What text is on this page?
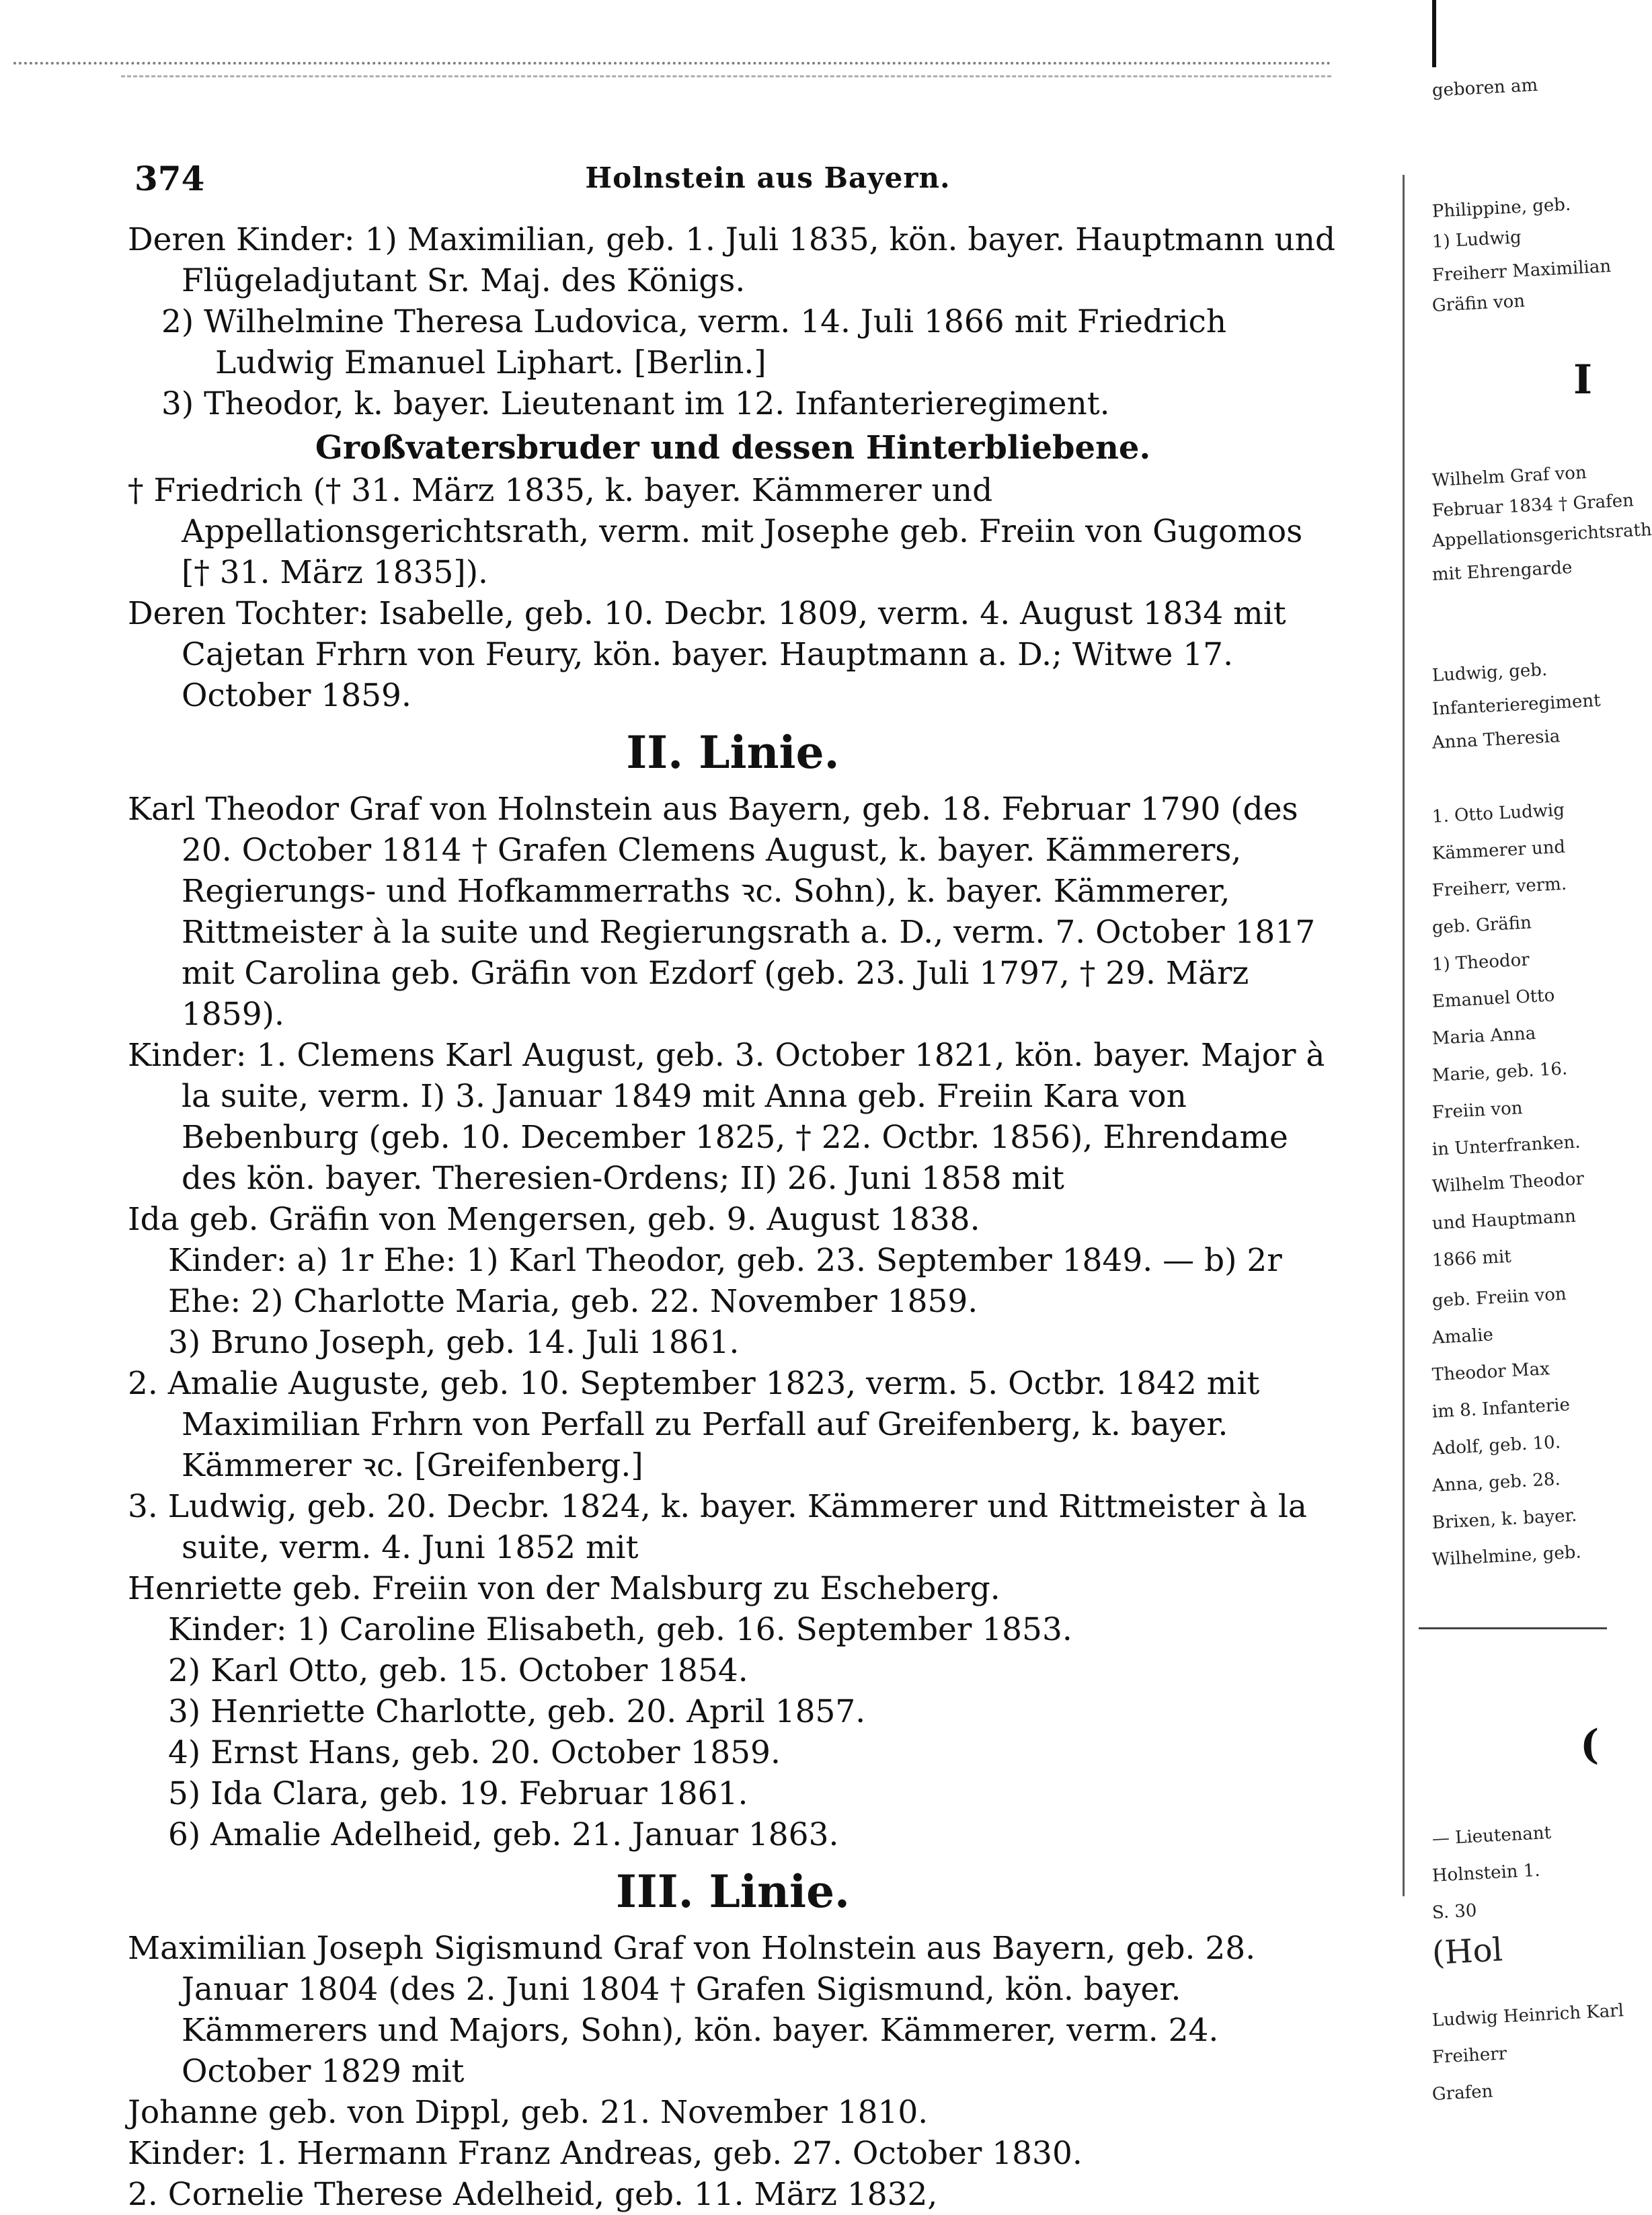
374	Holnstein aus Bayern.

Deren Kinder: 1) Maximilian, geb. 1. Juli 1835, kön. bayer. Hauptmann und Flügeladjutant Sr. Maj. des Königs.

2) Wilhelmine Theresa Ludovica, verm. 14. Juli 1866 mit Friedrich Ludwig Emanuel Liphart. [Berlin.]

3) Theodor, k. bayer. Lieutenant im 12. Infanterieregiment.

Großvatersbruder und dessen Hinterbliebene.

† Friedrich († 31. März 1835, k. bayer. Kämmerer und Appellationsgerichtsrath, verm. mit Josephe geb. Freiin von Gugomos [† 31. März 1835]).

Deren Tochter: Isabelle, geb. 10. Decbr. 1809, verm. 4. August 1834 mit Cajetan Frhrn von Feury, kön. bayer. Hauptmann a. D.; Witwe 17. October 1859.

II. Linie.

Karl Theodor Graf von Holnstein aus Bayern, geb. 18. Februar 1790 (des 20. October 1814 † Grafen Clemens August, k. bayer. Kämmerers, Regierungs- und Hofkammerraths ꝛc. Sohn), k. bayer. Kämmerer, Rittmeister à la suite und Regierungsrath a. D., verm. 7. October 1817 mit Carolina geb. Gräfin von Ezdorf (geb. 23. Juli 1797, † 29. März 1859).

Kinder: 1. Clemens Karl August, geb. 3. October 1821, kön. bayer. Major à la suite, verm. I) 3. Januar 1849 mit Anna geb. Freiin Kara von Bebenburg (geb. 10. December 1825, † 22. Octbr. 1856), Ehrendame des kön. bayer. Theresien-Ordens; II) 26. Juni 1858 mit

Ida geb. Gräfin von Mengersen, geb. 9. August 1838.

Kinder: a) 1r Ehe: 1) Karl Theodor, geb. 23. September 1849. — b) 2r Ehe: 2) Charlotte Maria, geb. 22. November 1859.

3) Bruno Joseph, geb. 14. Juli 1861.

2. Amalie Auguste, geb. 10. September 1823, verm. 5. Octbr. 1842 mit Maximilian Frhrn von Perfall zu Perfall auf Greifenberg, k. bayer. Kämmerer ꝛc. [Greifenberg.]

3. Ludwig, geb. 20. Decbr. 1824, k. bayer. Kämmerer und Rittmeister à la suite, verm. 4. Juni 1852 mit

Henriette geb. Freiin von der Malsburg zu Escheberg.

Kinder: 1) Caroline Elisabeth, geb. 16. September 1853.

2) Karl Otto, geb. 15. October 1854.

3) Henriette Charlotte, geb. 20. April 1857.

4) Ernst Hans, geb. 20. October 1859.

5) Ida Clara, geb. 19. Februar 1861.

6) Amalie Adelheid, geb. 21. Januar 1863.

III. Linie.

Maximilian Joseph Sigismund Graf von Holnstein aus Bayern, geb. 28. Januar 1804 (des 2. Juni 1804 † Grafen Sigismund, kön. bayer. Kämmerers und Majors, Sohn), kön. bayer. Kämmerer, verm. 24. October 1829 mit

Johanne geb. von Dippl, geb. 21. November 1810.

Kinder: 1. Hermann Franz Andreas, geb. 27. October 1830.

2. Cornelie Therese Adelheid, geb. 11. März 1832,

geboren am
Philippine, geb.
1) Ludwig
Freiherr Maximilian
Gräfin von
I
Wilhelm Graf von
Februar 1834 † Grafen
Appellationsgerichtsrath
mit Ehrengarde
Ludwig, geb.
Infanterieregiment
Anna Theresia
1. Otto Ludwig
Kämmerer und
Freiherr, verm.
geb. Gräfin
1) Theodor
Emanuel Otto
Maria Anna
Marie, geb. 16.
Freiin von
in Unterfranken.
Wilhelm Theodor
und Hauptmann
1866 mit
geb. Freiin von
Amalie
Theodor Max
im 8. Infanterie
Adolf, geb. 10.
Anna, geb. 28.
Brixen, k. bayer.
Wilhelmine, geb.
(
— Lieutenant
Holnstein 1.
S. 30
(Hol
Ludwig Heinrich Karl
Freiherr
Grafen
